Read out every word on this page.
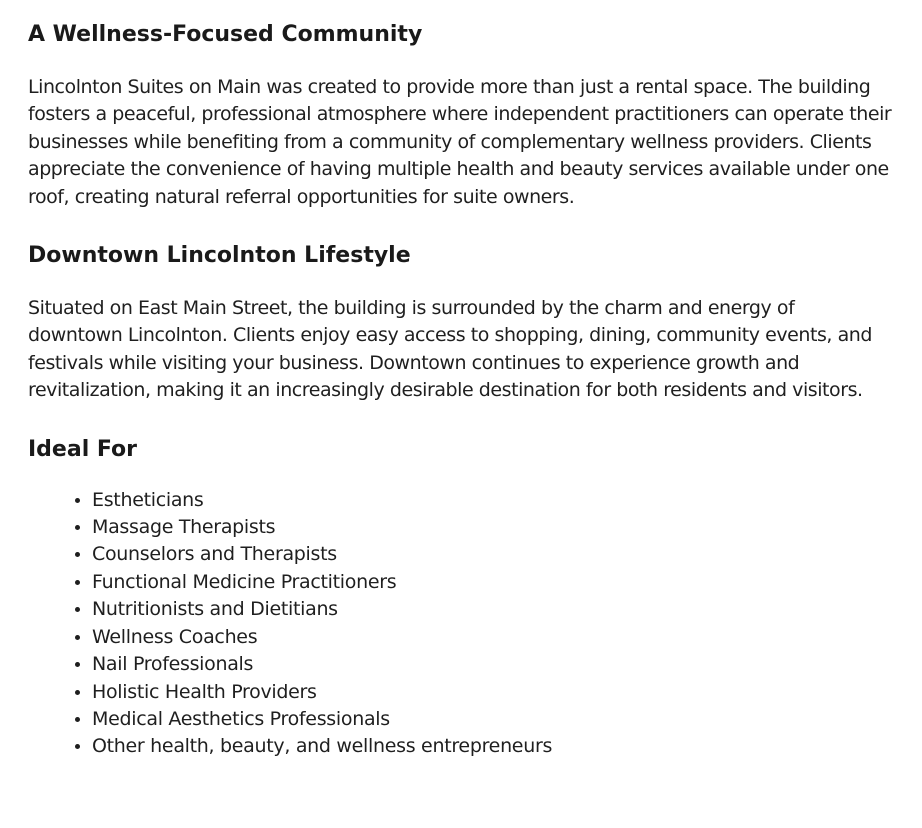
A Wellness-Focused Community

Lincolnton Suites on Main was created to provide more than just a rental space. The building fosters a peaceful, professional atmosphere where independent practitioners can operate their businesses while benefiting from a community of complementary wellness providers. Clients appreciate the convenience of having multiple health and beauty services available under one roof, creating natural referral opportunities for suite owners.

Downtown Lincolnton Lifestyle

Situated on East Main Street, the building is surrounded by the charm and energy of downtown Lincolnton. Clients enjoy easy access to shopping, dining, community events, and festivals while visiting your business. Downtown continues to experience growth and revitalization, making it an increasingly desirable destination for both residents and visitors.

Ideal For
• Estheticians
• Massage Therapists
• Counselors and Therapists
• Functional Medicine Practitioners
• Nutritionists and Dietitians
• Wellness Coaches
• Nail Professionals
• Holistic Health Providers
• Medical Aesthetics Professionals
• Other health, beauty, and wellness entrepreneurs
